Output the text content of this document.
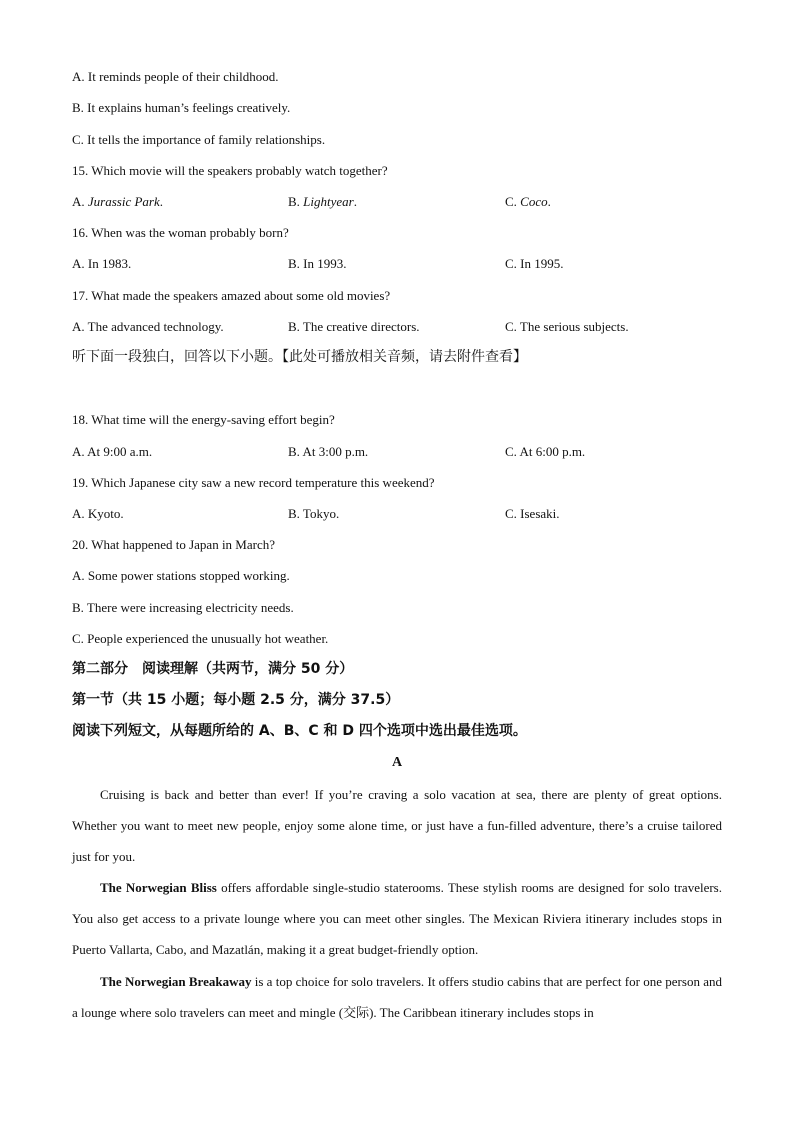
A. It reminds people of their childhood.
B. It explains human’s feelings creatively.
C. It tells the importance of family relationships.
15. Which movie will the speakers probably watch together?
A. Jurassic Park.	B. Lightyear.	C. Coco.
16. When was the woman probably born?
A. In 1983.	B. In 1993.	C. In 1995.
17. What made the speakers amazed about some old movies?
A. The advanced technology.	B. The creative directors.	C. The serious subjects.
听下面一段独白，回答以下小题。【此处可播放相关音频，请去附件查看】
18. What time will the energy-saving effort begin?
A. At 9:00 a.m.	B. At 3:00 p.m.	C. At 6:00 p.m.
19. Which Japanese city saw a new record temperature this weekend?
A. Kyoto.	B. Tokyo.	C. Isesaki.
20. What happened to Japan in March?
A. Some power stations stopped working.
B. There were increasing electricity needs.
C. People experienced the unusually hot weather.
第二部分　阅读理解（共两节，满分 50 分）
第一节（共 15 小题；每小题 2.5 分，满分 37.5）
阅读下列短文，从每题所给的 A、B、C 和 D 四个选项中选出最佳选项。
A
Cruising is back and better than ever! If you’re craving a solo vacation at sea, there are plenty of great options. Whether you want to meet new people, enjoy some alone time, or just have a fun-filled adventure, there’s a cruise tailored just for you.
The Norwegian Bliss offers affordable single-studio staterooms. These stylish rooms are designed for solo travelers. You also get access to a private lounge where you can meet other singles. The Mexican Riviera itinerary includes stops in Puerto Vallarta, Cabo, and Mazatlán, making it a great budget-friendly option.
The Norwegian Breakaway is a top choice for solo travelers. It offers studio cabins that are perfect for one person and a lounge where solo travelers can meet and mingle (交际). The Caribbean itinerary includes stops in
